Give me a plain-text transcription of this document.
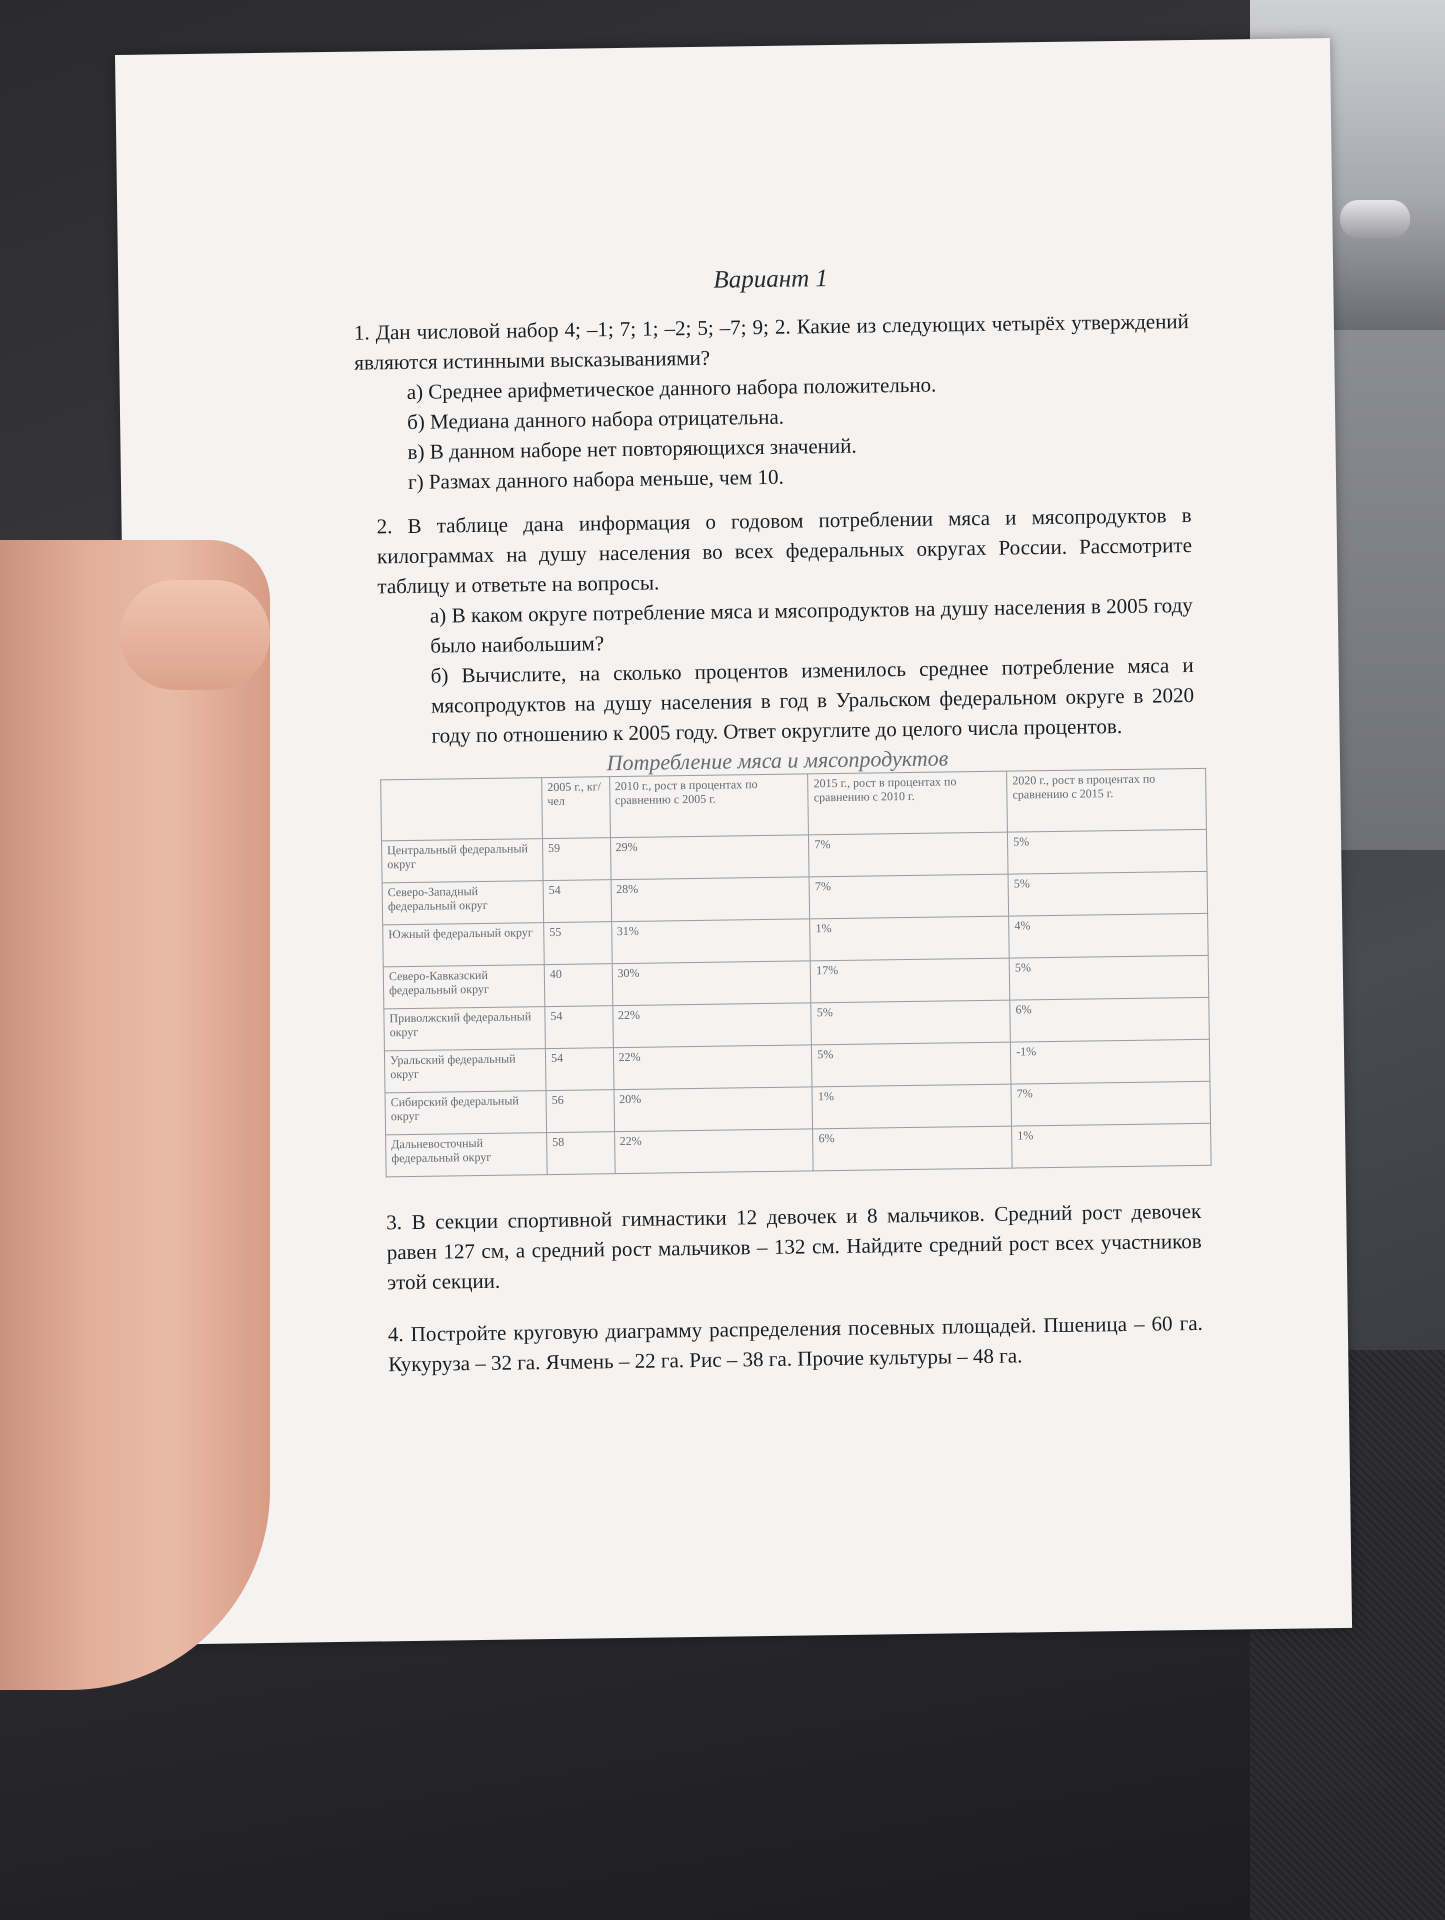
Вариант 1

1. Дан числовой набор 4; –1; 7; 1; –2; 5; –7; 9; 2. Какие из следующих четырёх утверждений являются истинными высказываниями?

а) Среднее арифметическое данного набора положительно.

б) Медиана данного набора отрицательна.

в) В данном наборе нет повторяющихся значений.

г) Размах данного набора меньше, чем 10.

2. В таблице дана информация о годовом потреблении мяса и мясопродуктов в килограммах на душу населения во всех федеральных округах России. Рассмотрите таблицу и ответьте на вопросы.

а) В каком округе потребление мяса и мясопродуктов на душу населения в 2005 году было наибольшим?

б) Вычислите, на сколько процентов изменилось среднее потребление мяса и мясопродуктов на душу населения в год в Уральском федеральном округе в 2020 году по отношению к 2005 году. Ответ округлите до целого числа процентов.

Потребление мяса и мясопродуктов

	2005 г., кг/чел	2010 г., рост в процентах по сравнению с 2005 г.	2015 г., рост в процентах по сравнению с 2010 г.	2020 г., рост в процентах по сравнению с 2015 г.
Центральный федеральный округ	59	29%	7%	5%
Северо-Западный федеральный округ	54	28%	7%	5%
Южный федеральный округ	55	31%	1%	4%
Северо-Кавказский федеральный округ	40	30%	17%	5%
Приволжский федеральный округ	54	22%	5%	6%
Уральский федеральный округ	54	22%	5%	-1%
Сибирский федеральный округ	56	20%	1%	7%
Дальневосточный федеральный округ	58	22%	6%	1%

3. В секции спортивной гимнастики 12 девочек и 8 мальчиков. Средний рост девочек равен 127 см, а средний рост мальчиков – 132 см. Найдите средний рост всех участников этой секции.

4. Постройте круговую диаграмму распределения посевных площадей. Пшеница – 60 га. Кукуруза – 32 га. Ячмень – 22 га. Рис – 38 га. Прочие культуры – 48 га.
